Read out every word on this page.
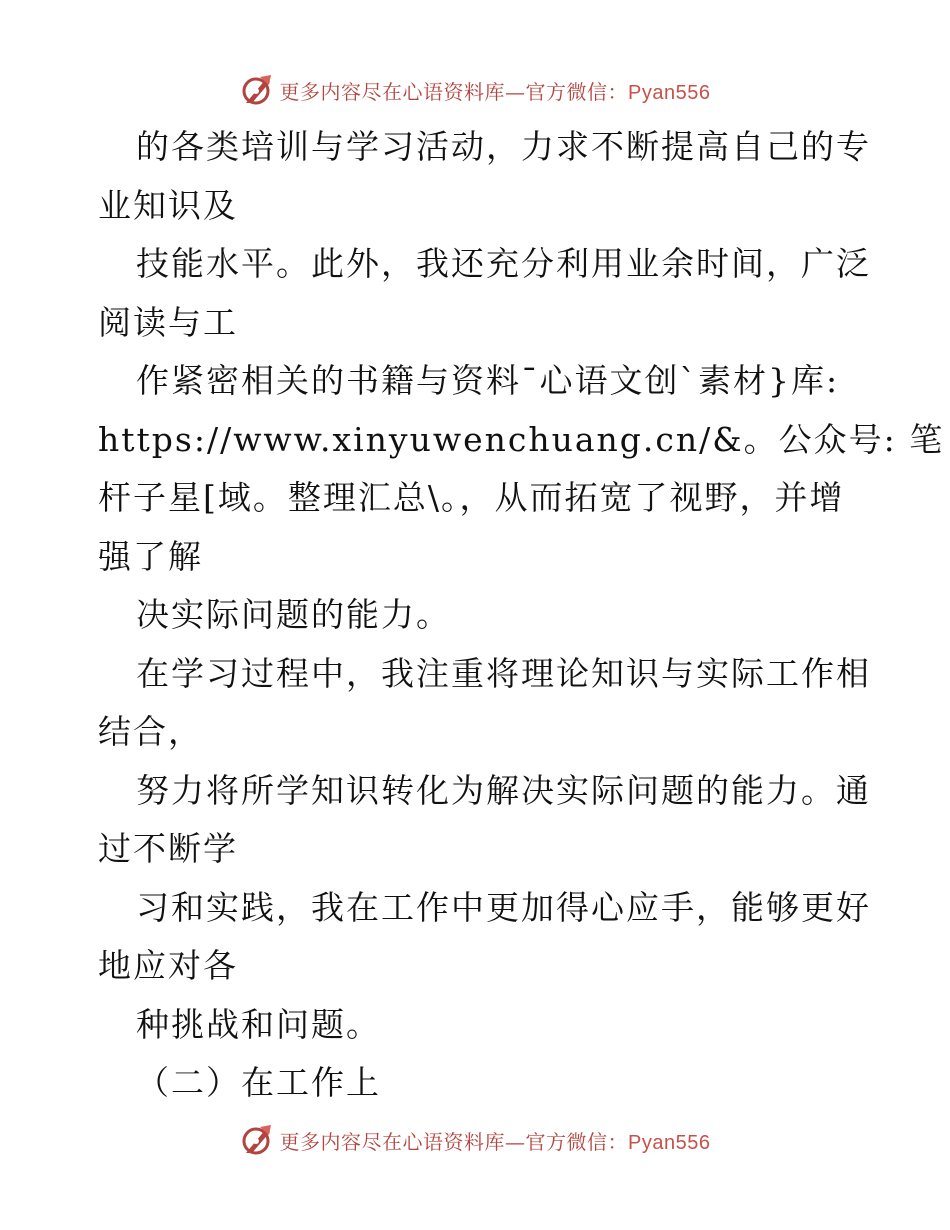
更多内容尽在心语资料库—官方微信：Pyan556
的各类培训与学习活动，力求不断提高自己的专
业知识及
技能水平。此外，我还充分利用业余时间，广泛
阅读与工
作紧密相关的书籍与资料¯心语文创`素材}库:
https://www.xinyuwenchuang.cn/&。公众号: 笔
杆子星[域。整理汇总\。，从而拓宽了视野，并增
强了解
决实际问题的能力。
在学习过程中，我注重将理论知识与实际工作相
结合，
努力将所学知识转化为解决实际问题的能力。通
过不断学
习和实践，我在工作中更加得心应手，能够更好
地应对各
种挑战和问题。
（二）在工作上
更多内容尽在心语资料库—官方微信：Pyan556
